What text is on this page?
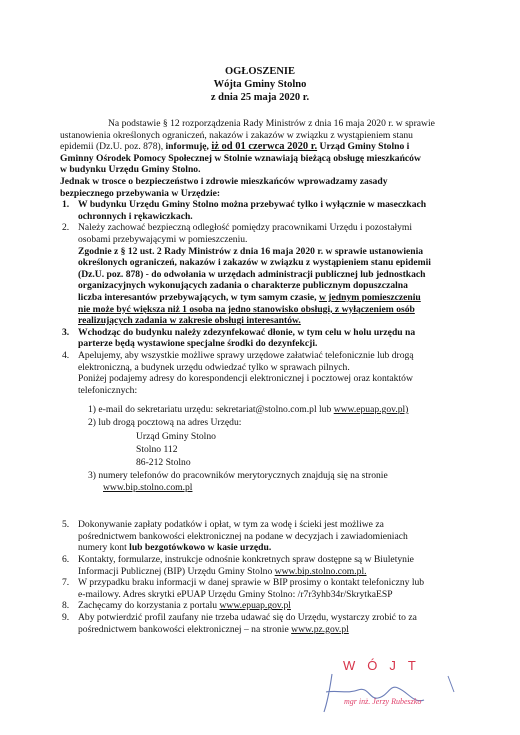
OGŁOSZENIE
Wójta Gminy Stolno
z dnia 25 maja 2020 r.
Na podstawie § 12 rozporządzenia Rady Ministrów z dnia 16 maja 2020 r. w sprawie
ustanowienia określonych ograniczeń, nakazów i zakazów w związku z wystąpieniem stanu
epidemii (Dz.U. poz. 878), informuję, iż od 01 czerwca 2020 r. Urząd Gminy Stolno i
Gminny Ośrodek Pomocy Społecznej w Stolnie wznawiają bieżącą obsługę mieszkańców
w budynku Urzędu Gminy Stolno.
Jednak w trosce o bezpieczeństwo i zdrowie mieszkańców wprowadzamy zasady
bezpiecznego przebywania w Urzędzie:
1. W budynku Urzędu Gminy Stolno można przebywać tylko i wyłącznie w maseczkach
ochronnych i rękawiczkach.
2. Należy zachować bezpieczną odległość pomiędzy pracownikami Urzędu i pozostałymi
osobami przebywającymi w pomieszczeniu.
Zgodnie z § 12 ust. 2 Rady Ministrów z dnia 16 maja 2020 r. w sprawie ustanowienia
określonych ograniczeń, nakazów i zakazów w związku z wystąpieniem stanu epidemii
(Dz.U. poz. 878) - do odwołania w urzędach administracji publicznej lub jednostkach
organizacyjnych wykonujących zadania o charakterze publicznym dopuszczalna
liczba interesantów przebywających, w tym samym czasie, w jednym pomieszczeniu
nie może być większa niż 1 osoba na jedno stanowisko obsługi, z wyłączeniem osób
realizujących zadania w zakresie obsługi interesantów.
3. Wchodząc do budynku należy zdezynfekować dłonie, w tym celu w holu urzędu na
parterze będą wystawione specjalne środki do dezynfekcji.
4. Apelujemy, aby wszystkie możliwe sprawy urzędowe załatwiać telefonicznie lub drogą
elektroniczną, a budynek urzędu odwiedzać tylko w sprawach pilnych.
Poniżej podajemy adresy do korespondencji elektronicznej i pocztowej oraz kontaktów
telefonicznych:
1) e-mail do sekretariatu urzędu: sekretariat@stolno.com.pl lub www.epuap.gov.pl)
2) lub drogą pocztową na adres Urzędu:
Urząd Gminy Stolno
Stolno 112
86-212 Stolno
3) numery telefonów do pracowników merytorycznych znajdują się na stronie
www.bip.stolno.com.pl
5. Dokonywanie zapłaty podatków i opłat, w tym za wodę i ścieki jest możliwe za
pośrednictwem bankowości elektronicznej na podane w decyzjach i zawiadomieniach
numery kont lub bezgotówkowo w kasie urzędu.
6. Kontakty, formularze, instrukcje odnośnie konkretnych spraw dostępne są w Biuletynie
Informacji Publicznej (BIP) Urzędu Gminy Stolno www.bip.stolno.com.pl.
7. W przypadku braku informacji w danej sprawie w BIP prosimy o kontakt telefoniczny lub
e-mailowy. Adres skrytki ePUAP Urzędu Gminy Stolno: /r7r3yhb34r/SkrytkaESP
8. Zachęcamy do korzystania z portalu www.epuap.gov.pl
9. Aby potwierdzić profil zaufany nie trzeba udawać się do Urzędu, wystarczy zrobić to za
pośrednictwem bankowości elektronicznej – na stronie www.pz.gov.pl
WÓJT
mgr inż. Jerzy Rubeszko
